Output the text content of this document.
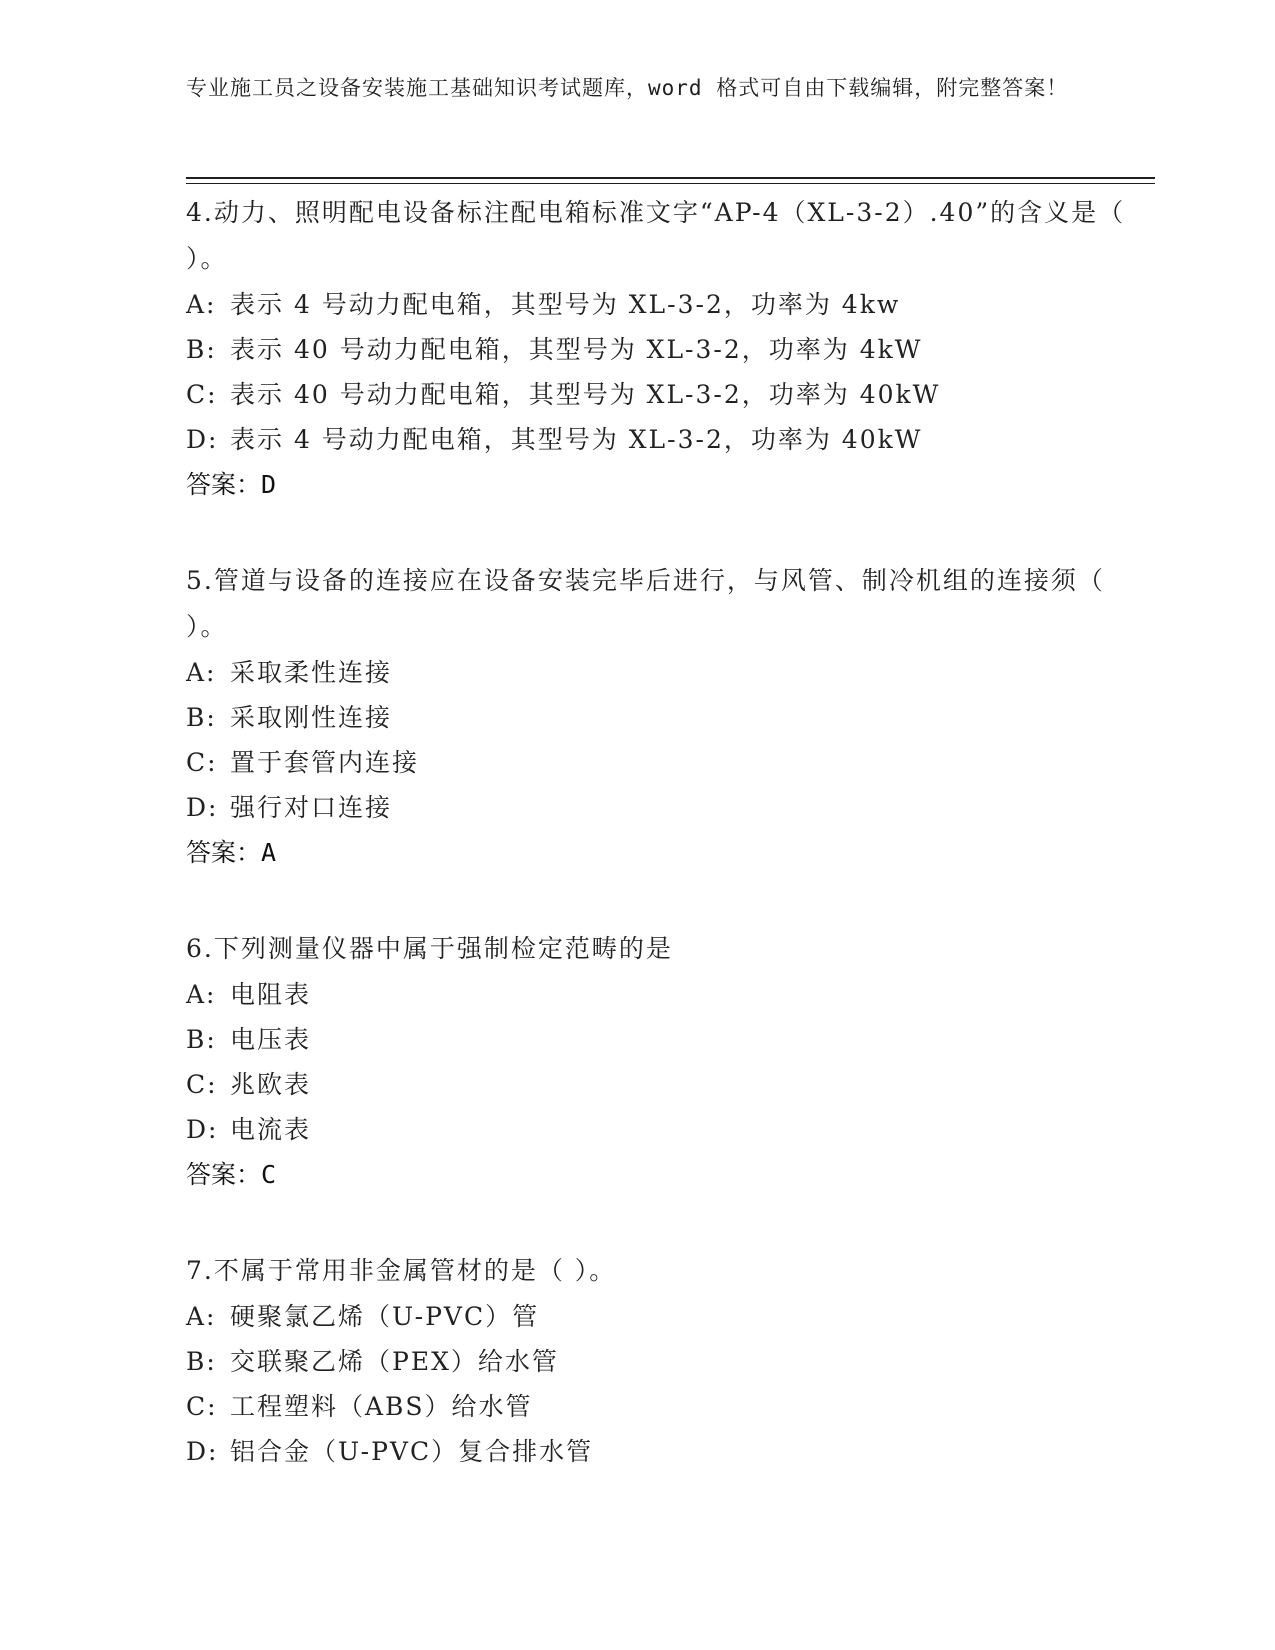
专业施工员之设备安装施工基础知识考试题库，word 格式可自由下载编辑，附完整答案！
4.动力、照明配电设备标注配电箱标准文字“AP-4（XL-3-2）.40”的含义是（ ）。
A: 表示 4 号动力配电箱，其型号为 XL-3-2，功率为 4kw
B: 表示 40 号动力配电箱，其型号为 XL-3-2，功率为 4kW
C: 表示 40 号动力配电箱，其型号为 XL-3-2，功率为 40kW
D: 表示 4 号动力配电箱，其型号为 XL-3-2，功率为 40kW
答案：D
5.管道与设备的连接应在设备安装完毕后进行，与风管、制冷机组的连接须（ ）。
A: 采取柔性连接
B: 采取刚性连接
C: 置于套管内连接
D: 强行对口连接
答案：A
6.下列测量仪器中属于强制检定范畴的是
A: 电阻表
B: 电压表
C: 兆欧表
D: 电流表
答案：C
7.不属于常用非金属管材的是（ ）。
A: 硬聚氯乙烯（U-PVC）管
B: 交联聚乙烯（PEX）给水管
C: 工程塑料（ABS）给水管
D: 铝合金（U-PVC）复合排水管
